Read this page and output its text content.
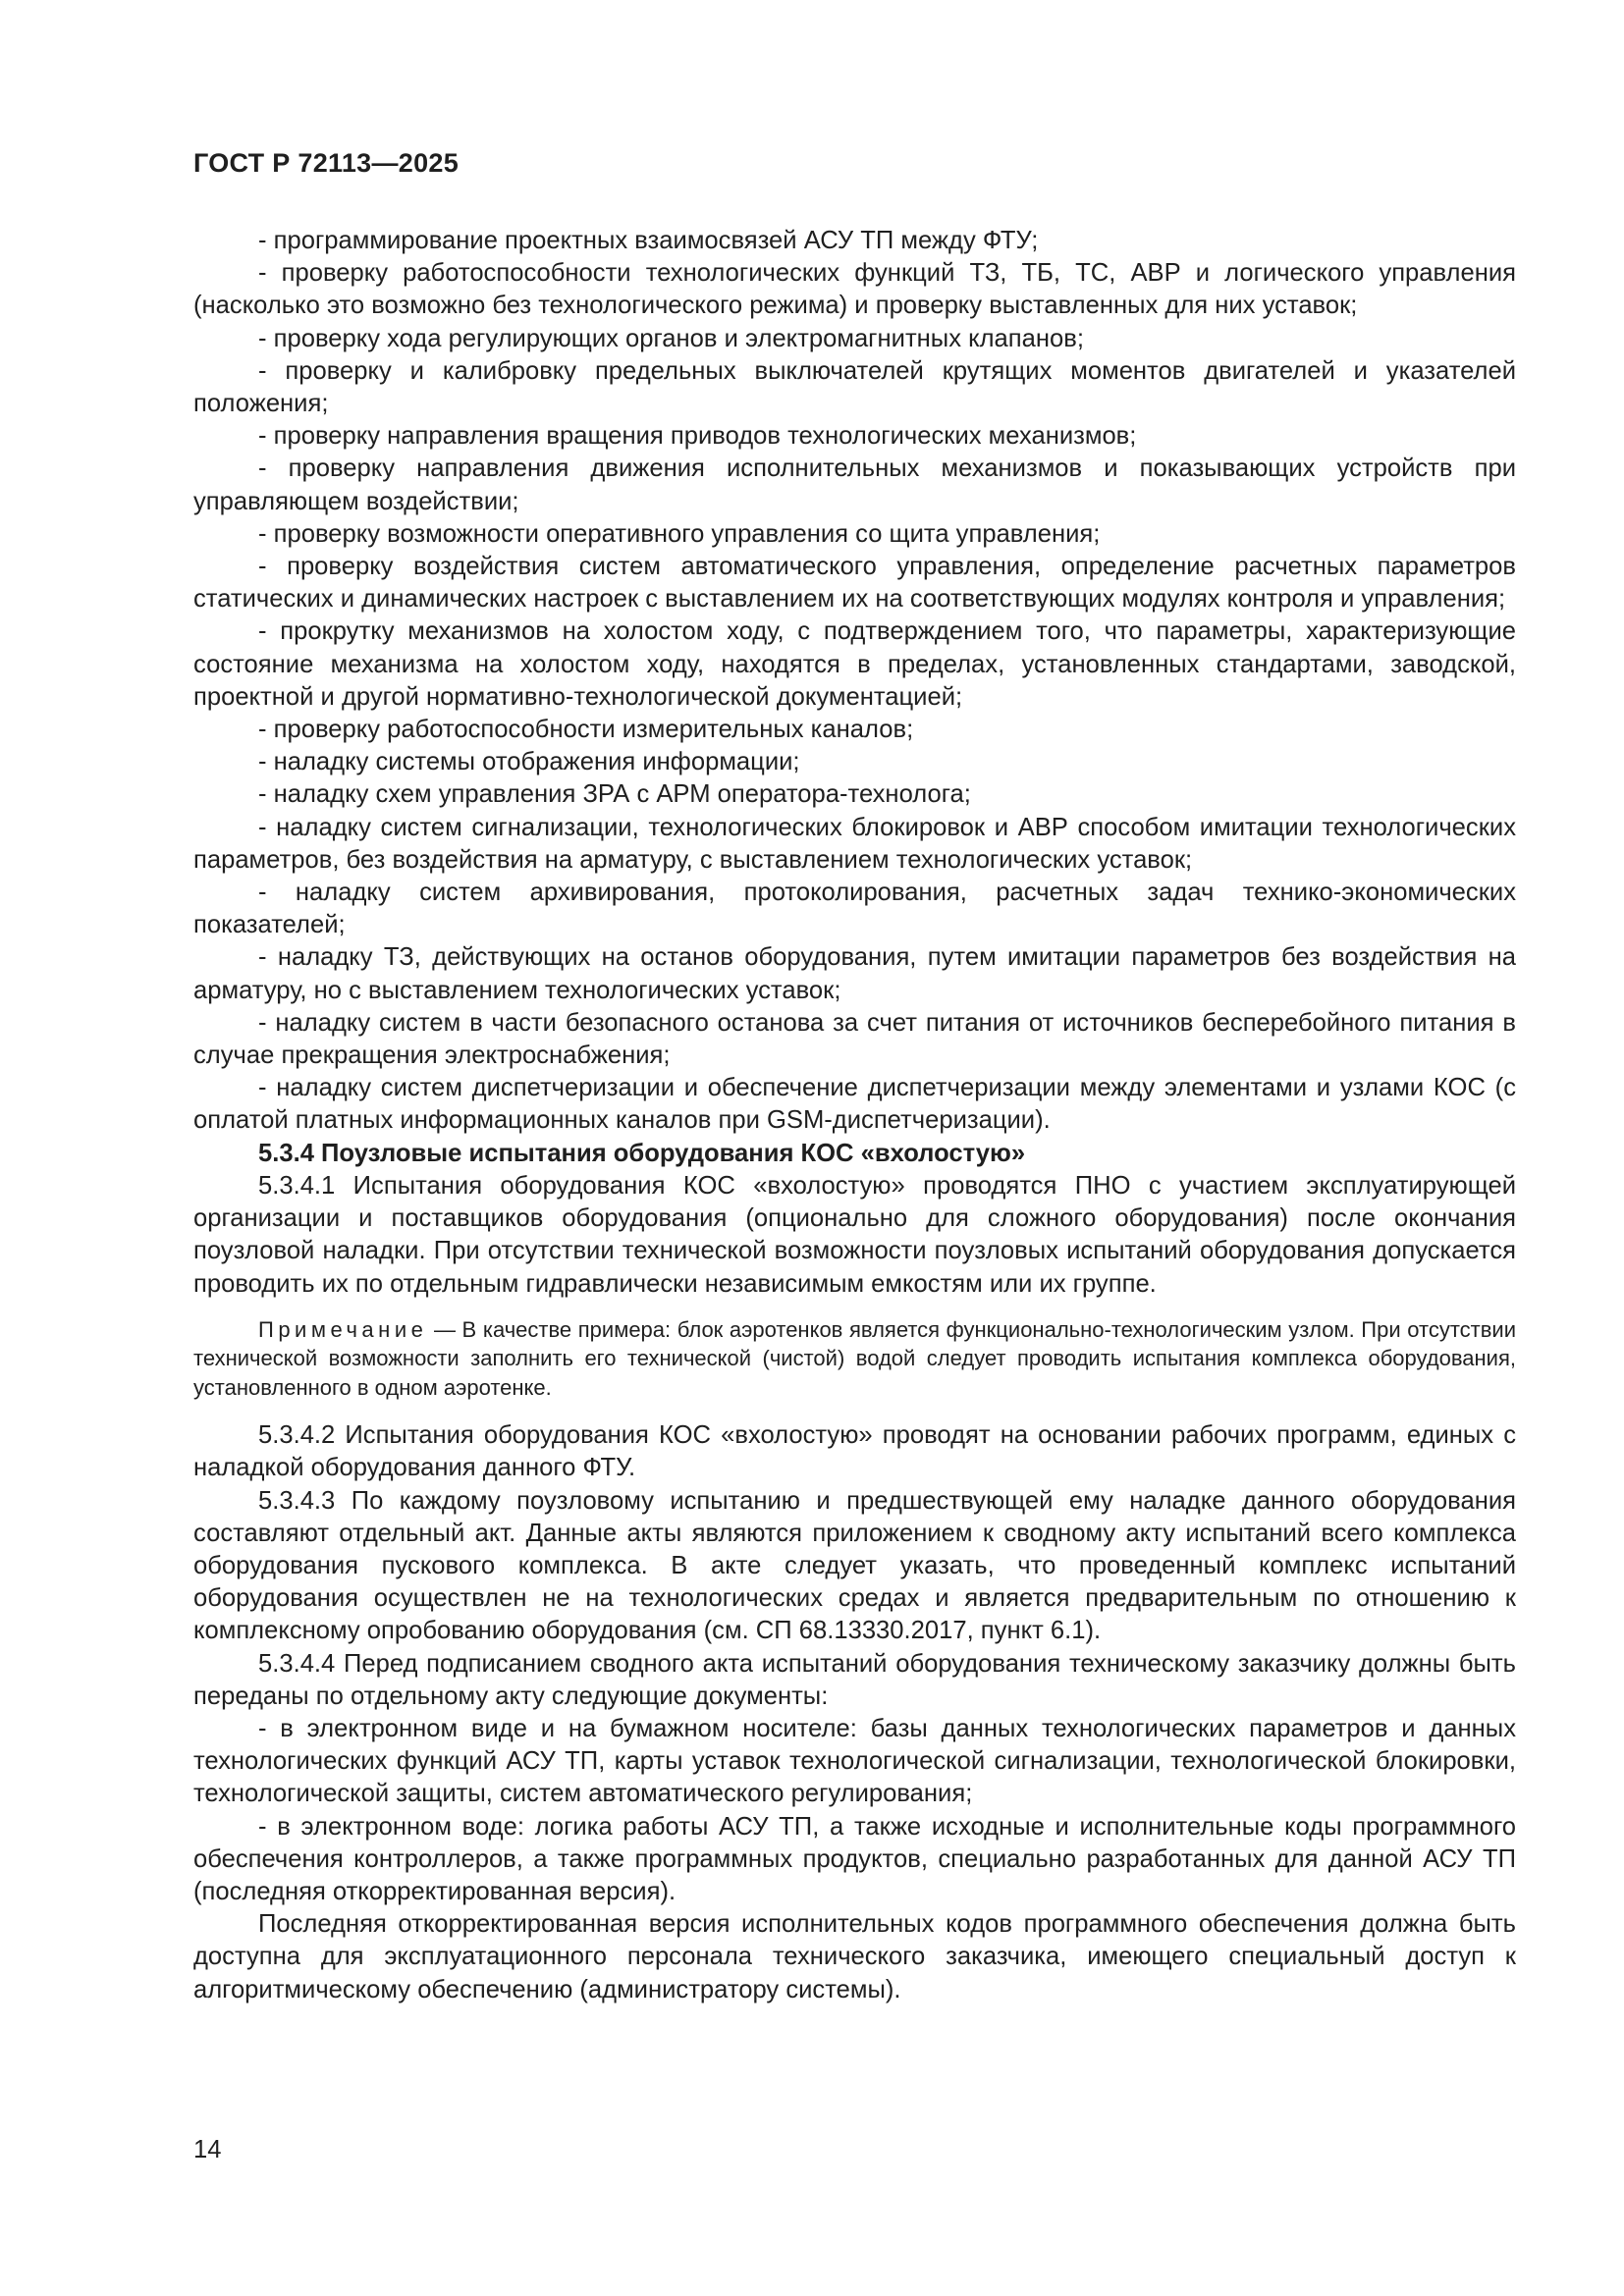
ГОСТ Р 72113—2025

- программирование проектных взаимосвязей АСУ ТП между ФТУ;

- проверку работоспособности технологических функций ТЗ, ТБ, ТС, АВР и логического управления (насколько это возможно без технологического режима) и проверку выставленных для них уставок;

- проверку хода регулирующих органов и электромагнитных клапанов;

- проверку и калибровку предельных выключателей крутящих моментов двигателей и указателей положения;

- проверку направления вращения приводов технологических механизмов;

- проверку направления движения исполнительных механизмов и показывающих устройств при управляющем воздействии;

- проверку возможности оперативного управления со щита управления;

- проверку воздействия систем автоматического управления, определение расчетных параметров статических и динамических настроек с выставлением их на соответствующих модулях контроля и управления;

- прокрутку механизмов на холостом ходу, с подтверждением того, что параметры, характеризующие состояние механизма на холостом ходу, находятся в пределах, установленных стандартами, заводской, проектной и другой нормативно-технологической документацией;

- проверку работоспособности измерительных каналов;

- наладку системы отображения информации;

- наладку схем управления ЗРА с АРМ оператора-технолога;

- наладку систем сигнализации, технологических блокировок и АВР способом имитации технологических параметров, без воздействия на арматуру, с выставлением технологических уставок;

- наладку систем архивирования, протоколирования, расчетных задач технико-экономических показателей;

- наладку ТЗ, действующих на останов оборудования, путем имитации параметров без воздействия на арматуру, но с выставлением технологических уставок;

- наладку систем в части безопасного останова за счет питания от источников бесперебойного питания в случае прекращения электроснабжения;

- наладку систем диспетчеризации и обеспечение диспетчеризации между элементами и узлами КОС (с оплатой платных информационных каналов при GSM-диспетчеризации).

5.3.4 Поузловые испытания оборудования КОС «вхолостую»

5.3.4.1 Испытания оборудования КОС «вхолостую» проводятся ПНО с участием эксплуатирующей организации и поставщиков оборудования (опционально для сложного оборудования) после окончания поузловой наладки. При отсутствии технической возможности поузловых испытаний оборудования допускается проводить их по отдельным гидравлически независимым емкостям или их группе.

Примечание — В качестве примера: блок аэротенков является функционально-технологическим узлом. При отсутствии технической возможности заполнить его технической (чистой) водой следует проводить испытания комплекса оборудования, установленного в одном аэротенке.

5.3.4.2 Испытания оборудования КОС «вхолостую» проводят на основании рабочих программ, единых с наладкой оборудования данного ФТУ.

5.3.4.3 По каждому поузловому испытанию и предшествующей ему наладке данного оборудования составляют отдельный акт. Данные акты являются приложением к сводному акту испытаний всего комплекса оборудования пускового комплекса. В акте следует указать, что проведенный комплекс испытаний оборудования осуществлен не на технологических средах и является предварительным по отношению к комплексному опробованию оборудования (см. СП 68.13330.2017, пункт 6.1).

5.3.4.4 Перед подписанием сводного акта испытаний оборудования техническому заказчику должны быть переданы по отдельному акту следующие документы:

- в электронном виде и на бумажном носителе: базы данных технологических параметров и данных технологических функций АСУ ТП, карты уставок технологической сигнализации, технологической блокировки, технологической защиты, систем автоматического регулирования;

- в электронном воде: логика работы АСУ ТП, а также исходные и исполнительные коды программного обеспечения контроллеров, а также программных продуктов, специально разработанных для данной АСУ ТП (последняя откорректированная версия).

Последняя откорректированная версия исполнительных кодов программного обеспечения должна быть доступна для эксплуатационного персонала технического заказчика, имеющего специальный доступ к алгоритмическому обеспечению (администратору системы).

14
